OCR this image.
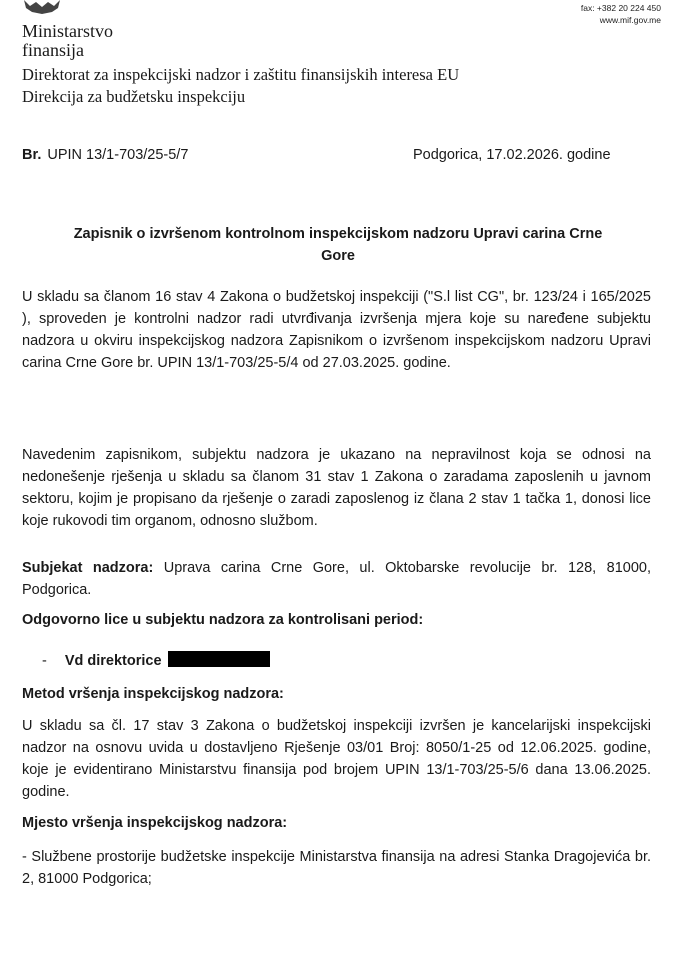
fax: +382 20 224 450
www.mif.gov.me
Ministarstvo
finansija
Direktorat za inspekcijski nadzor i zaštitu finansijskih interesa EU
Direkcija za budžetsku inspekciju
Br. UPIN 13/1-703/25-5/7	Podgorica, 17.02.2026. godine
Zapisnik o izvršenom kontrolnom inspekcijskom nadzoru Upravi carina Crne
Gore

U skladu sa članom 16 stav 4 Zakona o budžetskoj inspekciji ("S.l list CG", br. 123/24 i 165/2025 ), sproveden je kontrolni nadzor radi utvrđivanja izvršenja mjera koje su naređene subjektu nadzora u okviru inspekcijskog nadzora Zapisnikom o izvršenom inspekcijskom nadzoru Upravi carina Crne Gore br. UPIN 13/1-703/25-5/4 od 27.03.2025. godine.

Navedenim zapisnikom, subjektu nadzora je ukazano na nepravilnost koja se odnosi na nedonešenje rješenja u skladu sa članom 31 stav 1 Zakona o zaradama zaposlenih u javnom sektoru, kojim je propisano da rješenje o zaradi zaposlenog iz člana 2 stav 1 tačka 1, donosi lice koje rukovodi tim organom, odnosno službom.

Subjekat nadzora: Uprava carina Crne Gore, ul. Oktobarske revolucije br. 128, 81000, Podgorica.

Odgovorno lice u subjektu nadzora za kontrolisani period:
- Vd direktorice
Metod vršenja inspekcijskog nadzora:

U skladu sa čl. 17 stav 3 Zakona o budžetskoj inspekciji izvršen je kancelarijski inspekcijski nadzor na osnovu uvida u dostavljeno Rješenje 03/01 Broj: 8050/1-25 od 12.06.2025. godine, koje je evidentirano Ministarstvu finansija pod brojem UPIN 13/1-703/25-5/6 dana 13.06.2025. godine.

Mjesto vršenja inspekcijskog nadzora:

- Službene prostorije budžetske inspekcije Ministarstva finansija na adresi Stanka Dragojevića br. 2, 81000 Podgorica;
